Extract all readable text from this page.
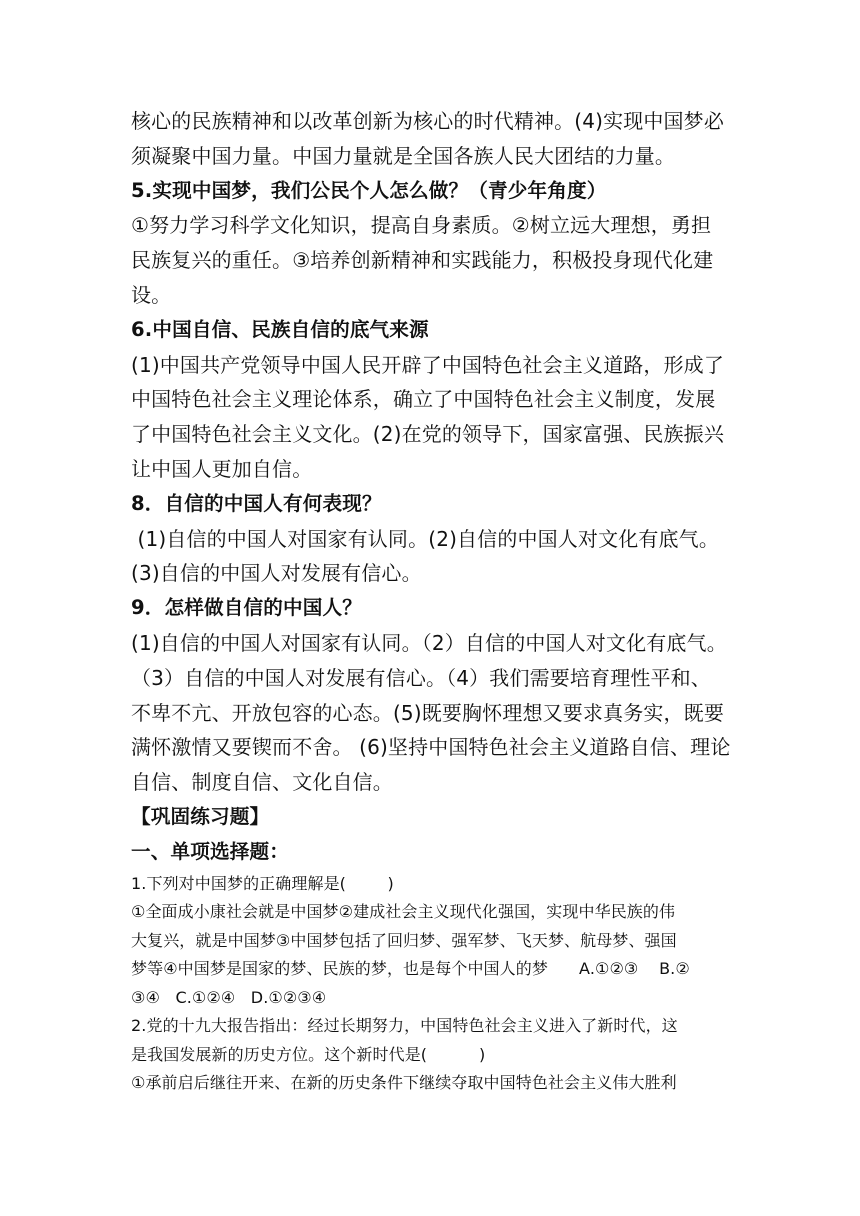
核心的民族精神和以改革创新为核心的时代精神。(4)实现中国梦必
须凝聚中国力量。中国力量就是全国各族人民大团结的力量。
5.实现中国梦，我们公民个人怎么做？（青少年角度）
①努力学习科学文化知识，提高自身素质。②树立远大理想，勇担
民族复兴的重任。③培养创新精神和实践能力，积极投身现代化建
设。
6.中国自信、民族自信的底气来源
(1)中国共产党领导中国人民开辟了中国特色社会主义道路，形成了
中国特色社会主义理论体系，确立了中国特色社会主义制度，发展
了中国特色社会主义文化。(2)在党的领导下，国家富强、民族振兴
让中国人更加自信。
8．自信的中国人有何表现？
(1)自信的中国人对国家有认同。(2)自信的中国人对文化有底气。
(3)自信的中国人对发展有信心。
9．怎样做自信的中国人？
(1)自信的中国人对国家有认同。（2）自信的中国人对文化有底气。
（3）自信的中国人对发展有信心。（4）我们需要培育理性平和、
不卑不亢、开放包容的心态。(5)既要胸怀理想又要求真务实，既要
满怀激情又要锲而不舍。 (6)坚持中国特色社会主义道路自信、理论
自信、制度自信、文化自信。
【巩固练习题】
一、单项选择题：
1.下列对中国梦的正确理解是(        )
①全面成小康社会就是中国梦②建成社会主义现代化强国，实现中华民族的伟
大复兴，就是中国梦③中国梦包括了回归梦、强军梦、飞天梦、航母梦、强国
梦等④中国梦是国家的梦、民族的梦，也是每个中国人的梦      A.①②③    B.②
③④   C.①②④   D.①②③④
2.党的十九大报告指出：经过长期努力，中国特色社会主义进入了新时代，这
是我国发展新的历史方位。这个新时代是(          )
①承前启后继往开来、在新的历史条件下继续夺取中国特色社会主义伟大胜利
